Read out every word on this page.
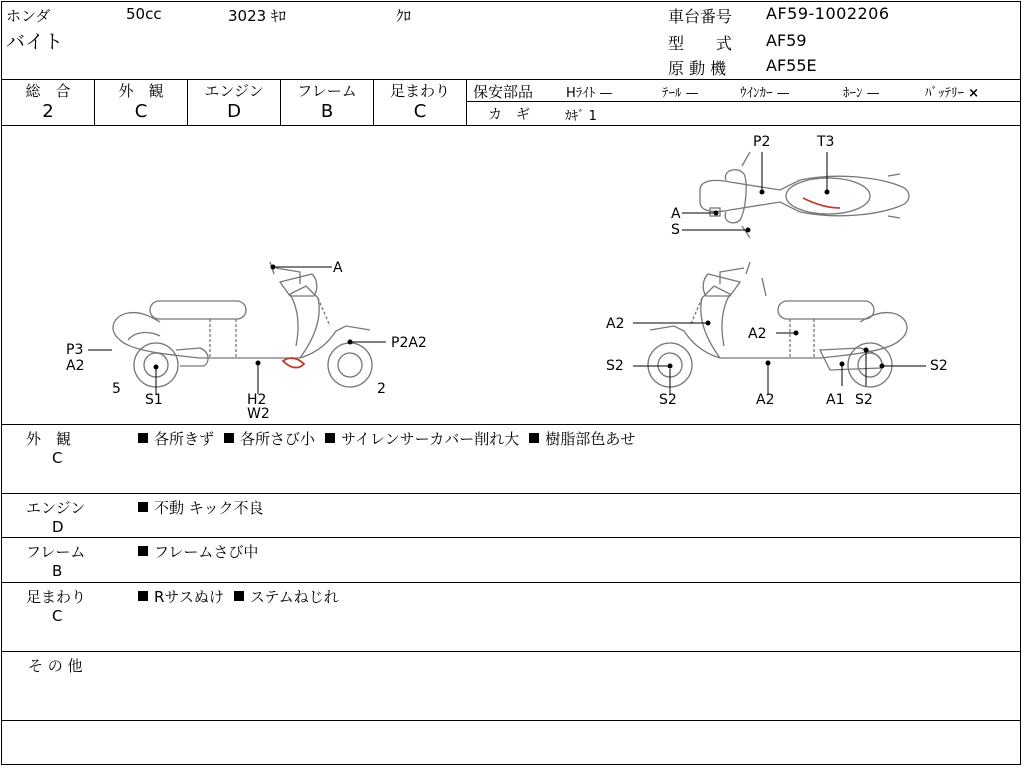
ホンダ	50cc	3023 ｷﾛ	ｸﾛ
バイト
車台番号 AF59-1002206
型　　式 AF59
原 動 機 AF55E
総　合
2
外　観
C
エンジン
D
フレーム
B
足まわり
C
保安部品	Hﾗｲﾄ —	ﾃｰﾙ —	ｳｲﾝｶｰ —	ﾎｰﾝ —	ﾊﾞｯﾃﾘｰ ×
カ　ギ	ｶｷﾞ 1
A
P3
A2
5
S1	H2
W2
2
P2A2
P2	T3
A
S
A2
A2
S2
S2	A2	A1 S2
S2
外　観
C
各所きず 各所さび小 サイレンサーカバー削れ大 樹脂部色あせ
エンジン
D
不動 キック不良
フレーム
B
フレームさび中
足まわり
C
Rサスぬけ ステムねじれ
そ の 他
